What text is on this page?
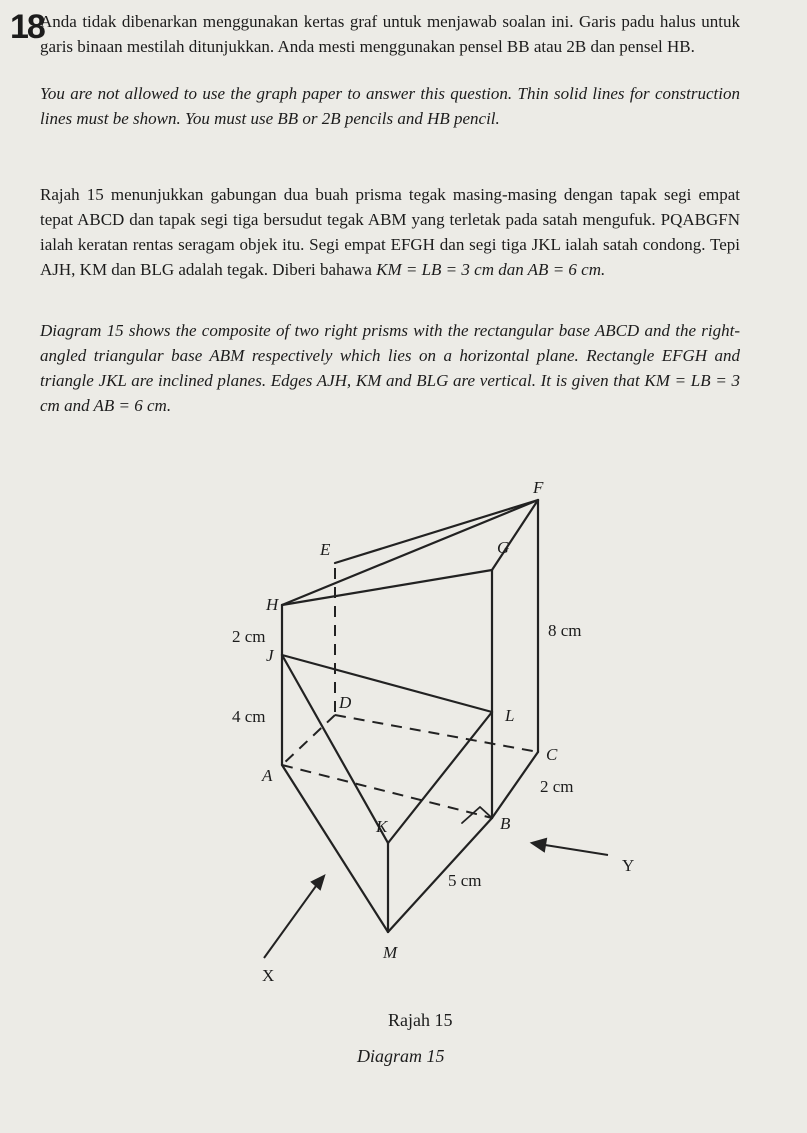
18

Anda tidak dibenarkan menggunakan kertas graf untuk menjawab soalan ini. Garis padu halus untuk garis binaan mestilah ditunjukkan. Anda mesti menggunakan pensel BB atau 2B dan pensel HB.

You are not allowed to use the graph paper to answer this question. Thin solid lines for construction lines must be shown. You must use BB or 2B pencils and HB pencil.

Rajah 15 menunjukkan gabungan dua buah prisma tegak masing-masing dengan tapak segi empat tepat ABCD dan tapak segi tiga bersudut tegak ABM yang terletak pada satah mengufuk. PQABGFN ialah keratan rentas seragam objek itu. Segi empat EFGH dan segi tiga JKL ialah satah condong. Tepi AJH, KM dan BLG adalah tegak. Diberi bahawa KM = LB = 3 cm dan AB = 6 cm.

Diagram 15 shows the composite of two right prisms with the rectangular base ABCD and the right-angled triangular base ABM respectively which lies on a horizontal plane. Rectangle EFGH and triangle JKL are inclined planes. Edges AJH, KM and BLG are vertical. It is given that KM = LB = 3 cm and AB = 6 cm.

F
E	G
H
J
D
L
C
A
K	B
M
2 cm
4 cm
8 cm
2 cm
5 cm
X
Y
Rajah 15
Diagram 15
